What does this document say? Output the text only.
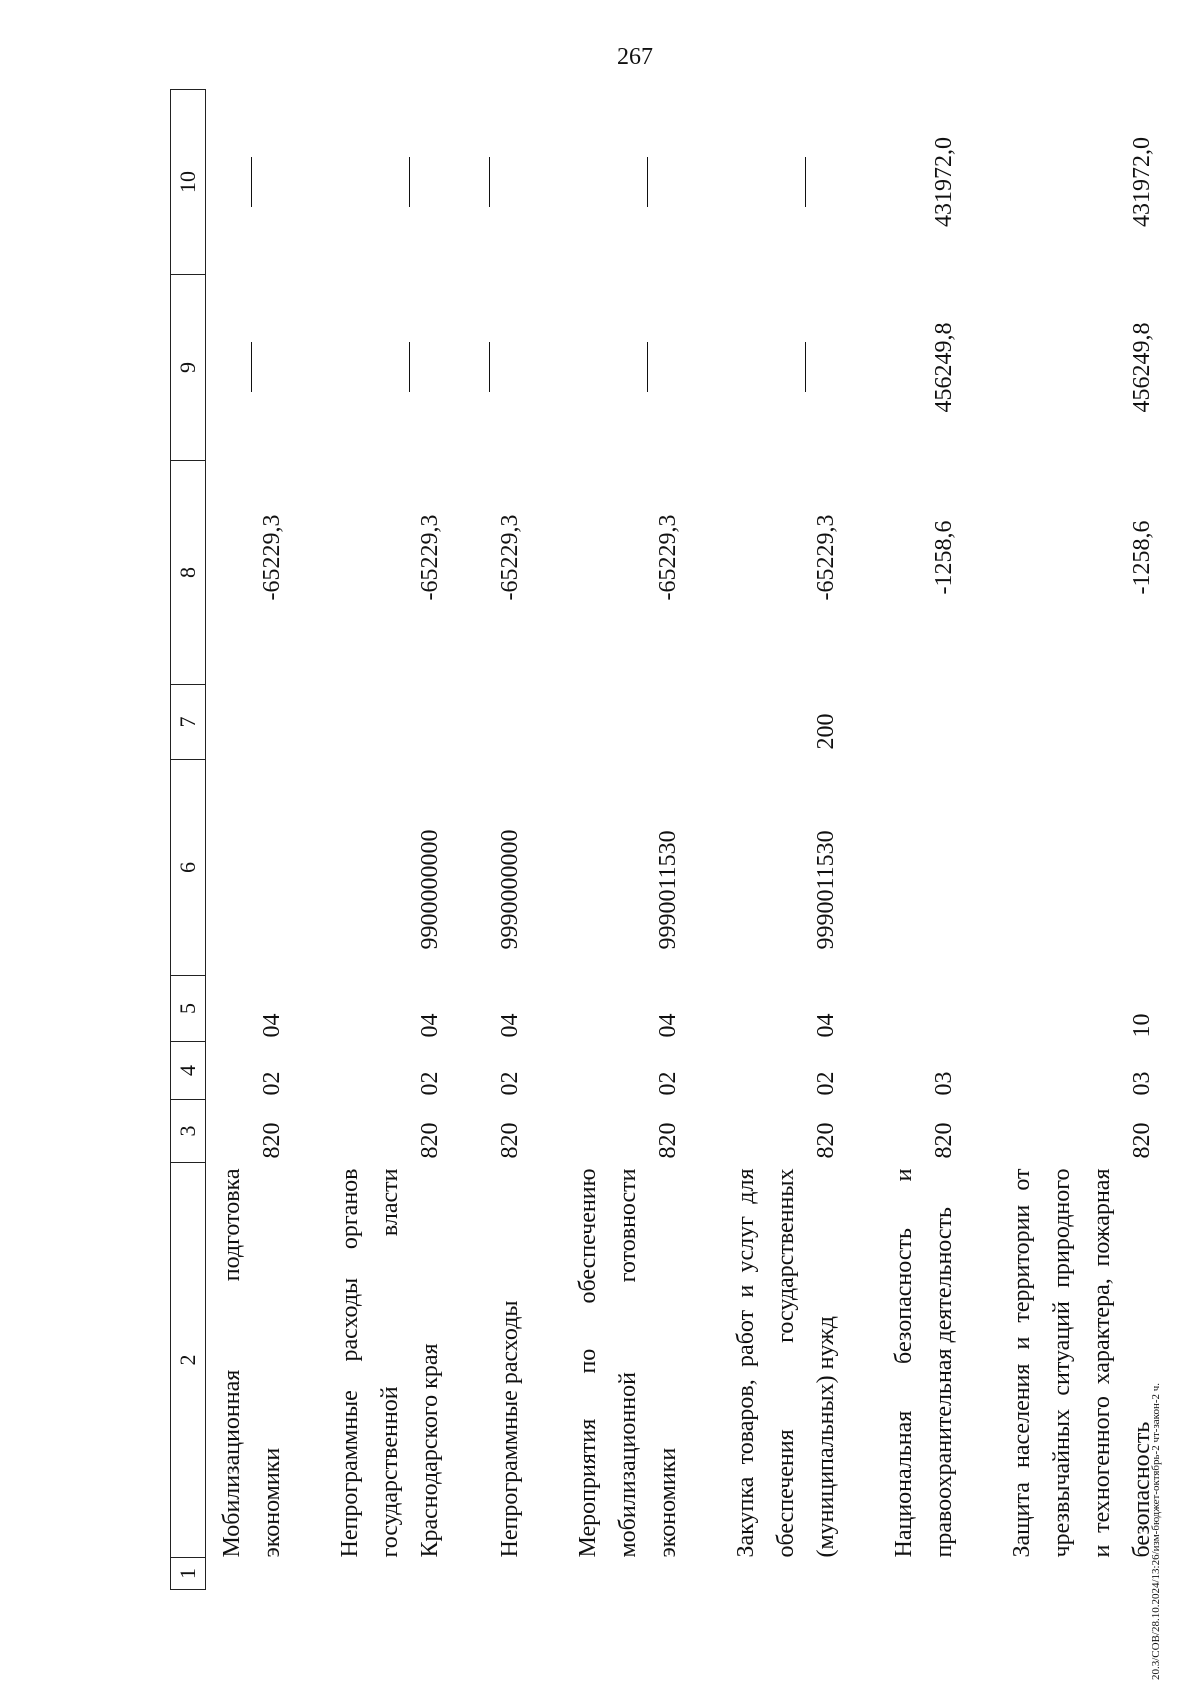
267
20.3/СОВ/28.10.2024/13:26/изм-бюджет-октябрь-2 чт-закон-2 ч.
1	2	3	4	5	6	7	8	9	10
	Мобилизационная подготовка экономики	820	02	04			-65229,3		

	Непрограммные расходы органов государственной власти Краснодарского края	820	02	04	9900000000		-65229,3		

	Непрограммные расходы	820	02	04	9990000000		-65229,3		

	Мероприятия по обеспечению мобилизационной готовности экономики	820	02	04	9990011530		-65229,3		

	Закупка товаров, работ и услуг для обеспечения государственных (муниципальных) нужд	820	02	04	9990011530	200	-65229,3		

	Национальная безопасность и правоохранительная деятельность	820	03				-1258,6	456249,8	431972,0

	Защита населения и территории от чрезвычайных ситуаций природного и техногенного характера, пожарная безопасность	820	03	10			-1258,6	456249,8	431972,0
